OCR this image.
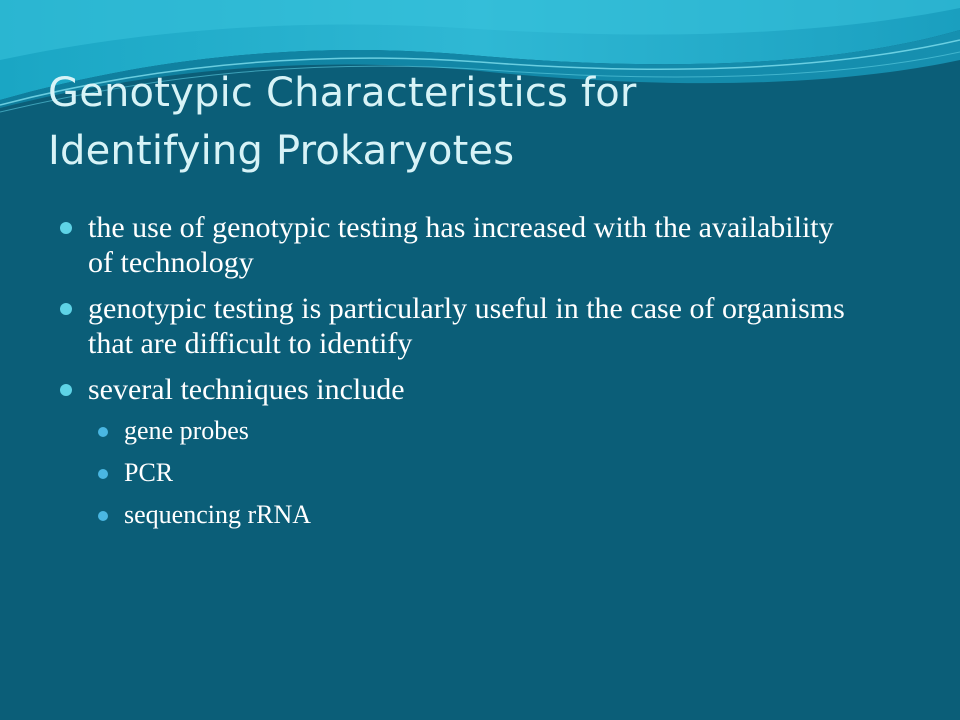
Genotypic Characteristics for
Identifying Prokaryotes
the use of genotypic testing has increased with the availability of technology
genotypic testing is particularly useful in the case of organisms that are difficult to identify
several techniques include
gene probes
PCR
sequencing rRNA
